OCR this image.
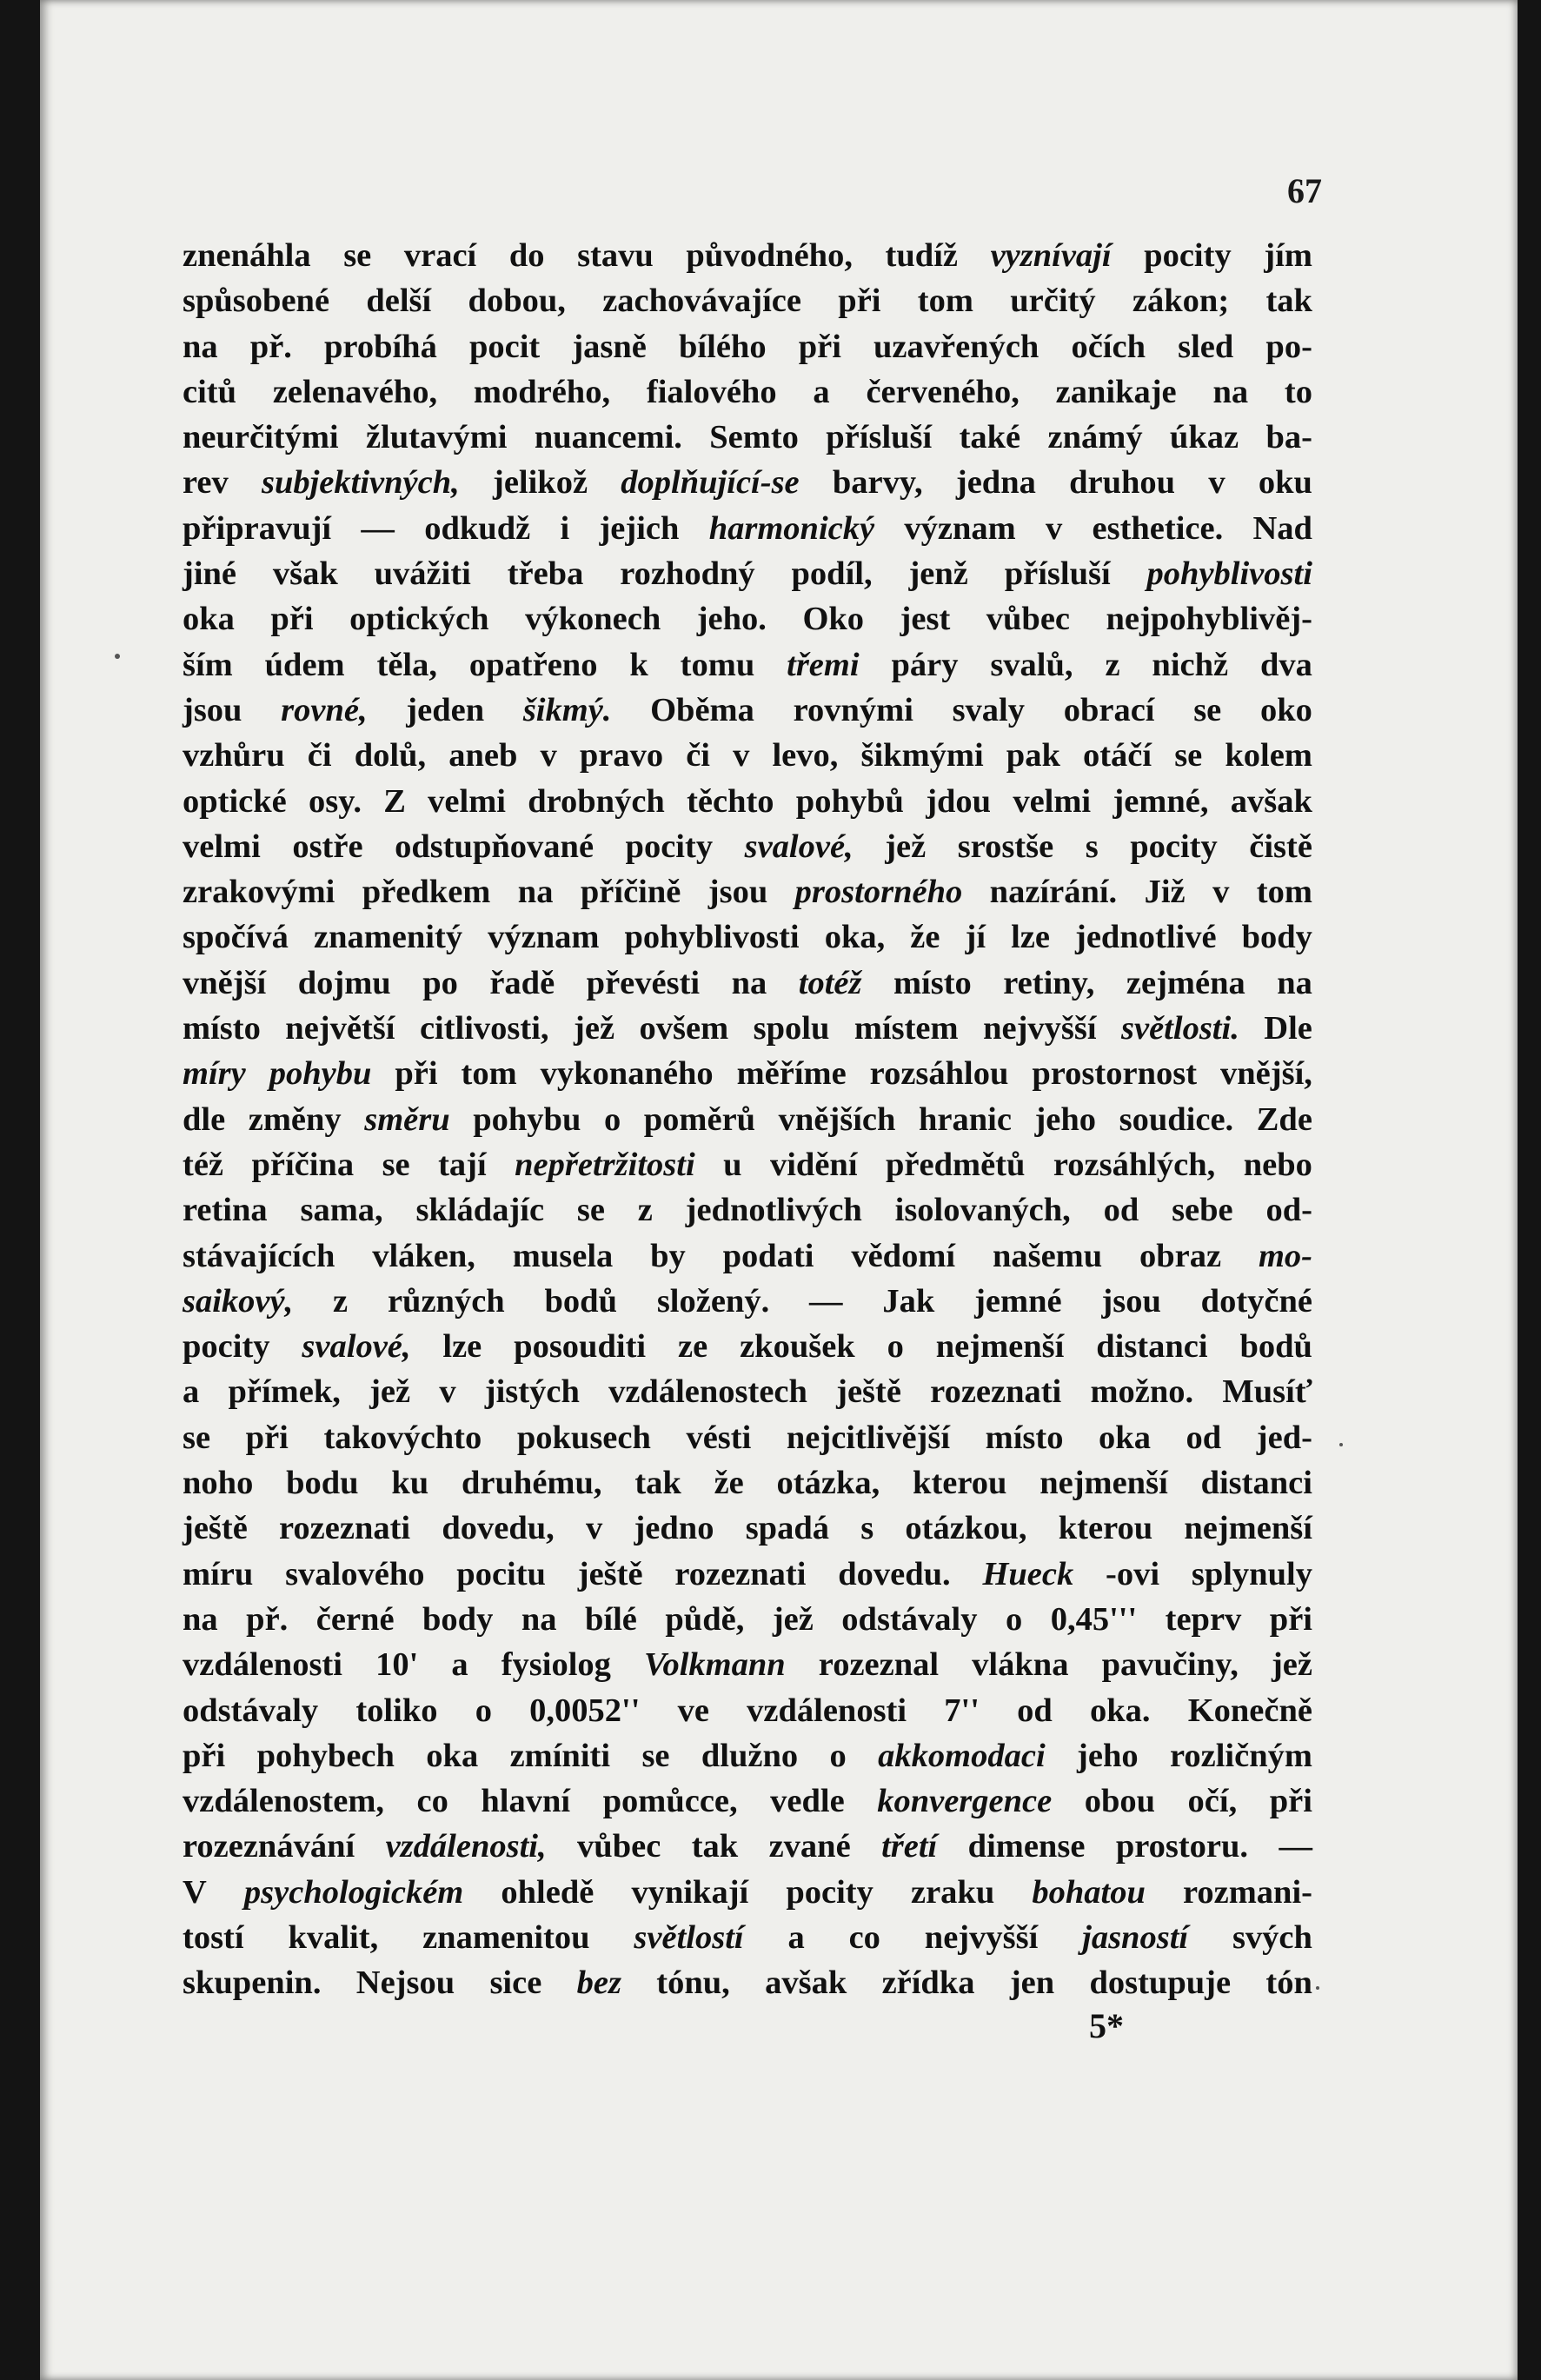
67
znenáhla se vrací do stavu původného, tudíž vyznívají pocity jím
spůsobené delší dobou, zachovávajíce při tom určitý zákon; tak
na př. probíhá pocit jasně bílého při uzavřených očích sled po-
citů zelenavého, modrého, fialového a červeného, zanikaje na to
neurčitými žlutavými nuancemi. Semto přísluší také známý úkaz ba-
rev subjektivných, jelikož doplňující-se barvy, jedna druhou v oku
připravují — odkudž i jejich harmonický význam v esthetice. Nad
jiné však uvážiti třeba rozhodný podíl, jenž přísluší pohyblivosti
oka při optických výkonech jeho. Oko jest vůbec nejpohyblivěj-
ším údem těla, opatřeno k tomu třemi páry svalů, z nichž dva
jsou rovné, jeden šikmý. Oběma rovnými svaly obrací se oko
vzhůru či dolů, aneb v pravo či v levo, šikmými pak otáčí se kolem
optické osy. Z velmi drobných těchto pohybů jdou velmi jemné, avšak
velmi ostře odstupňované pocity svalové, jež srostše s pocity čistě
zrakovými předkem na příčině jsou prostorného nazírání. Již v tom
spočívá znamenitý význam pohyblivosti oka, že jí lze jednotlivé body
vnější dojmu po řadě převésti na totéž místo retiny, zejména na
místo největší citlivosti, jež ovšem spolu místem nejvyšší světlosti. Dle
míry pohybu při tom vykonaného měříme rozsáhlou prostornost vnější,
dle změny směru pohybu o poměrů vnějších hranic jeho soudice. Zde
též příčina se tají nepřetržitosti u vidění předmětů rozsáhlých, nebo
retina sama, skládajíc se z jednotlivých isolovaných, od sebe od-
stávajících vláken, musela by podati vědomí našemu obraz mo-
saikový, z různých bodů složený. — Jak jemné jsou dotyčné
pocity svalové, lze posouditi ze zkoušek o nejmenší distanci bodů
a přímek, jež v jistých vzdálenostech ještě rozeznati možno. Musíť
se při takovýchto pokusech vésti nejcitlivější místo oka od jed-
noho bodu ku druhému, tak že otázka, kterou nejmenší distanci
ještě rozeznati dovedu, v jedno spadá s otázkou, kterou nejmenší
míru svalového pocitu ještě rozeznati dovedu. Hueck -ovi splynuly
na př. černé body na bílé půdě, jež odstávaly o 0,45''' teprv při
vzdálenosti 10' a fysiolog Volkmann rozeznal vlákna pavučiny, jež
odstávaly toliko o 0,0052'' ve vzdálenosti 7'' od oka. Konečně
při pohybech oka zmíniti se dlužno o akkomodaci jeho rozličným
vzdálenostem, co hlavní pomůcce, vedle konvergence obou očí, při
rozeznávání vzdálenosti, vůbec tak zvané třetí dimense prostoru. —
V psychologickém ohledě vynikají pocity zraku bohatou rozmani-
tostí kvalit, znamenitou světlostí a co nejvyšší jasností svých
skupenin. Nejsou sice bez tónu, avšak zřídka jen dostupuje tón
5*
